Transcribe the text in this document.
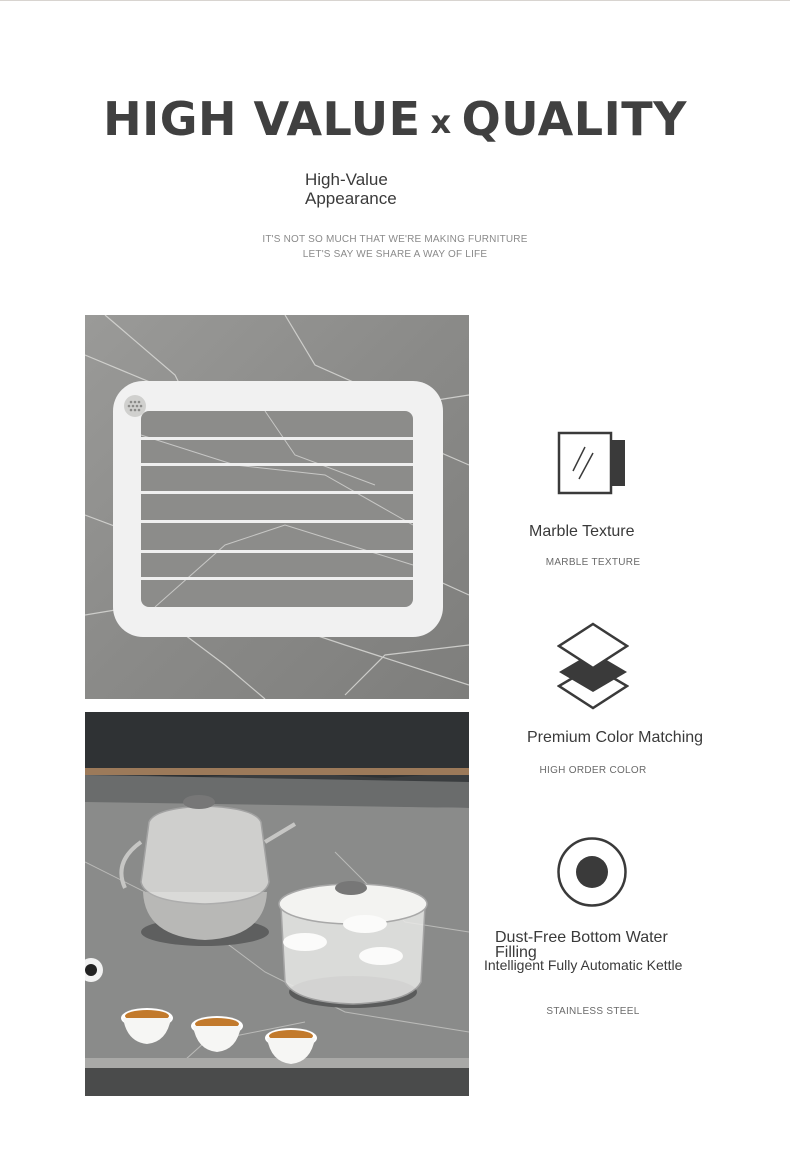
HIGH VALUE x QUALITY
High-Value
Appearance
IT'S NOT SO MUCH THAT WE'RE MAKING FURNITURE
LET'S SAY WE SHARE A WAY OF LIFE
Marble Texture
MARBLE TEXTURE
Premium Color Matching
HIGH ORDER COLOR
Dust-Free Bottom Water Filling
Intelligent Fully Automatic Kettle
STAINLESS STEEL
